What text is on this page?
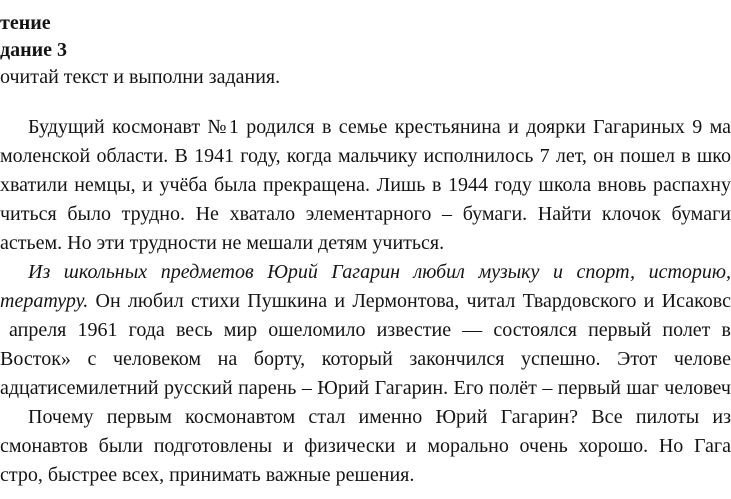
тение
дание 3
очитай текст и выполни задания.
Будущий космонавт №1 родился в семье крестьянина и доярки Гагариных 9 ма
моленской области. В 1941 году, когда мальчику исполнилось 7 лет, он пошел в шко
хватили немцы, и учёба была прекращена. Лишь в 1944 году школа вновь распахну
читься было трудно. Не хватало элементарного – бумаги. Найти клочок бумаги
астьем. Но эти трудности не мешали детям учиться.
Из школьных предметов Юрий Гагарин любил музыку и спорт, историю,
тературу. Он любил стихи Пушкина и Лермонтова, читал Твардовского и Исаковс
апреля 1961 года весь мир ошеломило известие — состоялся первый полет в
Восток» с человеком на борту, который закончился успешно. Этот челове
адцатисемилетний русский парень – Юрий Гагарин. Его полёт – первый шаг человеч
Почему первым космонавтом стал именно Юрий Гагарин? Все пилоты из
смонавтов были подготовлены и физически и морально очень хорошо. Но Гага
стро, быстрее всех, принимать важные решения.
